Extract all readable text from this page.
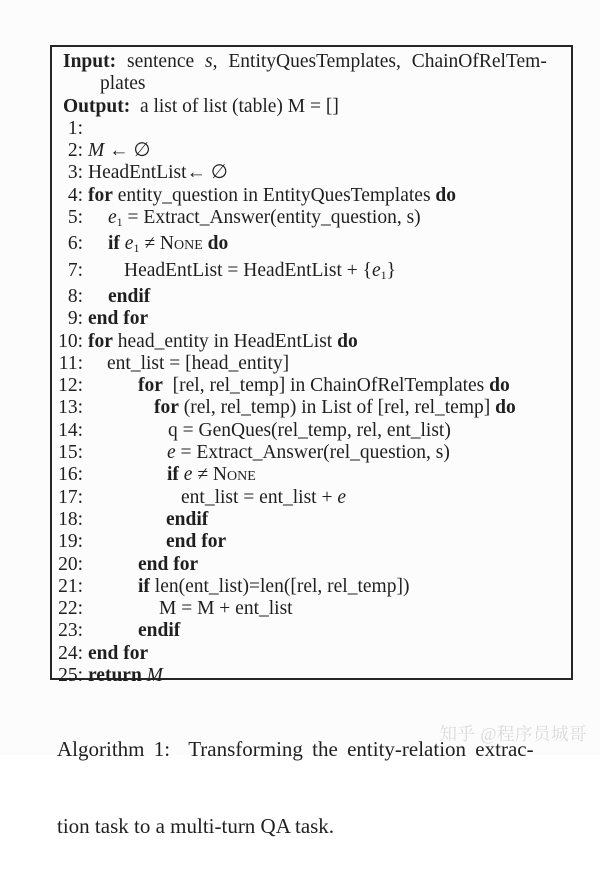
Input: sentence s, EntityQuesTemplates, ChainOfRelTem-
plates
Output:  a list of list (table) M = []
1:
2: M ← ∅
3: HeadEntList← ∅
4: for entity_question in EntityQuesTemplates do
5:	e1 = Extract_Answer(entity_question, s)
6:	if e1 ≠ None do
7:	HeadEntList = HeadEntList + {e1}
8:	endif
9: end for
10: for head_entity in HeadEntList do
11:	ent_list = [head_entity]
12:	for  [rel, rel_temp] in ChainOfRelTemplates do
13:	for (rel, rel_temp) in List of [rel, rel_temp] do
14:	q = GenQues(rel_temp, rel, ent_list)
15:	e = Extract_Answer(rel_question, s)
16:	if e ≠ None
17:	ent_list = ent_list + e
18:	endif
19:	end for
20:	end for
21:	if len(ent_list)=len([rel, rel_temp])
22:	M = M + ent_list
23:	endif
24: end for
25: return M

Algorithm 1:  Transforming the entity-relation extrac-

tion task to a multi-turn QA task.

知乎 @程序员城哥
